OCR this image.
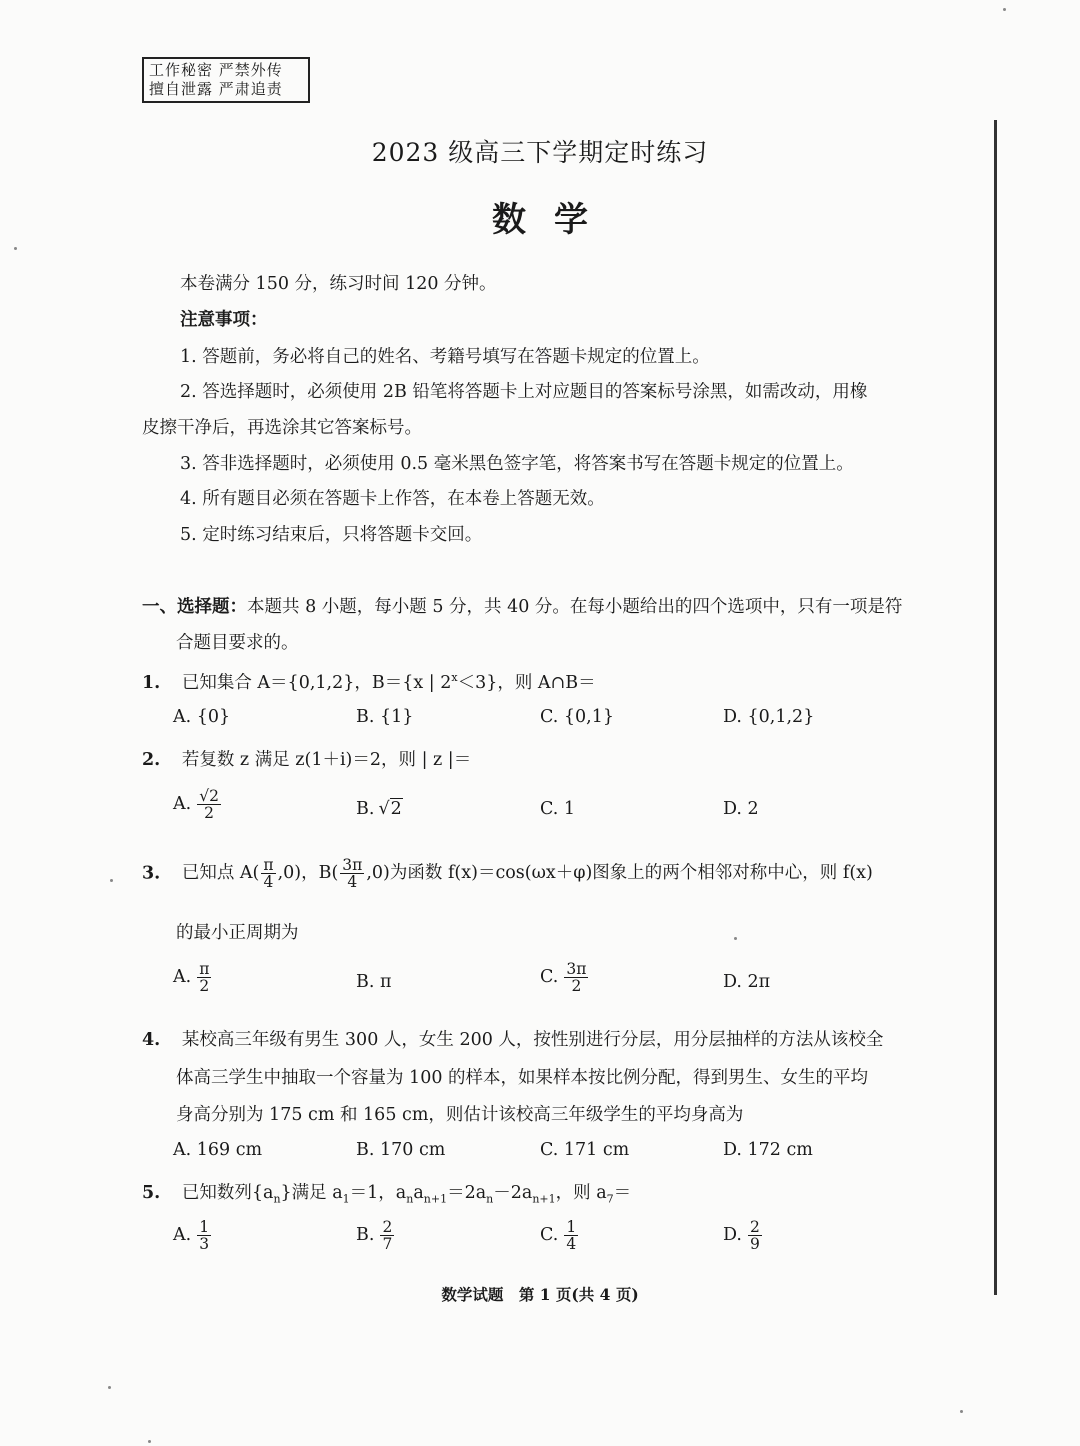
工作秘密 严禁外传
擅自泄露 严肃追责
2023 级高三下学期定时练习
数学
本卷满分 150 分，练习时间 120 分钟。
注意事项：
1. 答题前，务必将自己的姓名、考籍号填写在答题卡规定的位置上。
2. 答选择题时，必须使用 2B 铅笔将答题卡上对应题目的答案标号涂黑，如需改动，用橡
皮擦干净后，再选涂其它答案标号。
3. 答非选择题时，必须使用 0.5 毫米黑色签字笔，将答案书写在答题卡规定的位置上。
4. 所有题目必须在答题卡上作答，在本卷上答题无效。
5. 定时练习结束后，只将答题卡交回。
一、选择题：本题共 8 小题，每小题 5 分，共 40 分。在每小题给出的四个选项中，只有一项是符
合题目要求的。
1. 已知集合 A＝{0,1,2}，B＝{x | $2^x<3$}，则 A∩B＝
A. {0}	B. {1}	C. {0,1}	D. {0,1,2}
2. 若复数 z 满足 z(1＋i)＝2，则 | z |＝
A. $\frac{√2}{2}$	B. √2	C. 1	D. 2
3. 已知点 $A( \frac{\pi}{4} ,0)$，$B( \frac{3\pi}{4} ,0)$为函数 f(x)＝cos(ωx＋φ)图象上的两个相邻对称中心，则 f(x)
的最小正周期为
A. $\frac{\pi}{2}$	B. π	C. $\frac{3\pi}{2}$	D. 2π
4. 某校高三年级有男生 300 人，女生 200 人，按性别进行分层，用分层抽样的方法从该校全
体高三学生中抽取一个容量为 100 的样本，如果样本按比例分配，得到男生、女生的平均
身高分别为 175 cm 和 165 cm，则估计该校高三年级学生的平均身高为
A. 169 cm	B. 170 cm	C. 171 cm	D. 172 cm
5. 已知数列$\{a_n\}$满足 $a_1=1$，$a_na_{n+1}=2a_n-2a_{n+1}$，则 $a_7=$
A. $\frac{1}{3}$	B. $\frac{2}{7}$	C. $\frac{1}{4}$	D. $\frac{2}{9}$
数学试题　第 1 页(共 4 页)
